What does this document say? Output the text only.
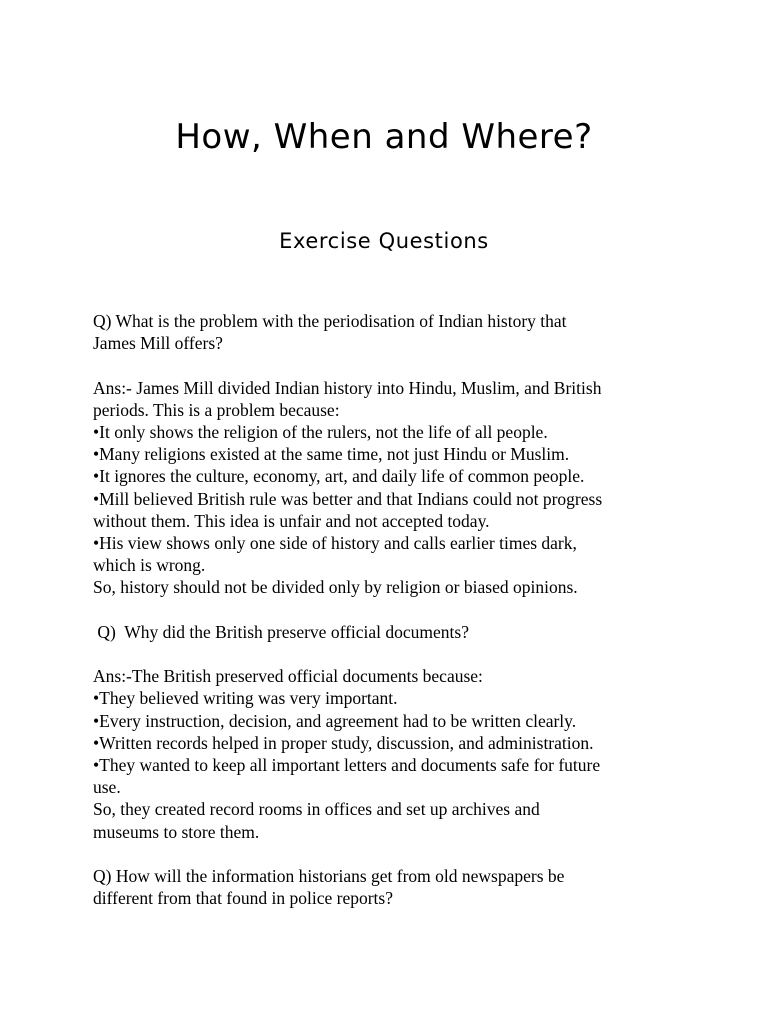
How, When and Where?
Exercise Questions
Q) What is the problem with the periodisation of Indian history that
James Mill offers?
Ans:- James Mill divided Indian history into Hindu, Muslim, and British
periods. This is a problem because:
•It only shows the religion of the rulers, not the life of all people.
•Many religions existed at the same time, not just Hindu or Muslim.
•It ignores the culture, economy, art, and daily life of common people.
•Mill believed British rule was better and that Indians could not progress
without them. This idea is unfair and not accepted today.
•His view shows only one side of history and calls earlier times dark,
which is wrong.
So, history should not be divided only by religion or biased opinions.
Q)  Why did the British preserve official documents?
Ans:-The British preserved official documents because:
•They believed writing was very important.
•Every instruction, decision, and agreement had to be written clearly.
•Written records helped in proper study, discussion, and administration.
•They wanted to keep all important letters and documents safe for future
use.
So, they created record rooms in offices and set up archives and
museums to store them.
Q) How will the information historians get from old newspapers be
different from that found in police reports?
